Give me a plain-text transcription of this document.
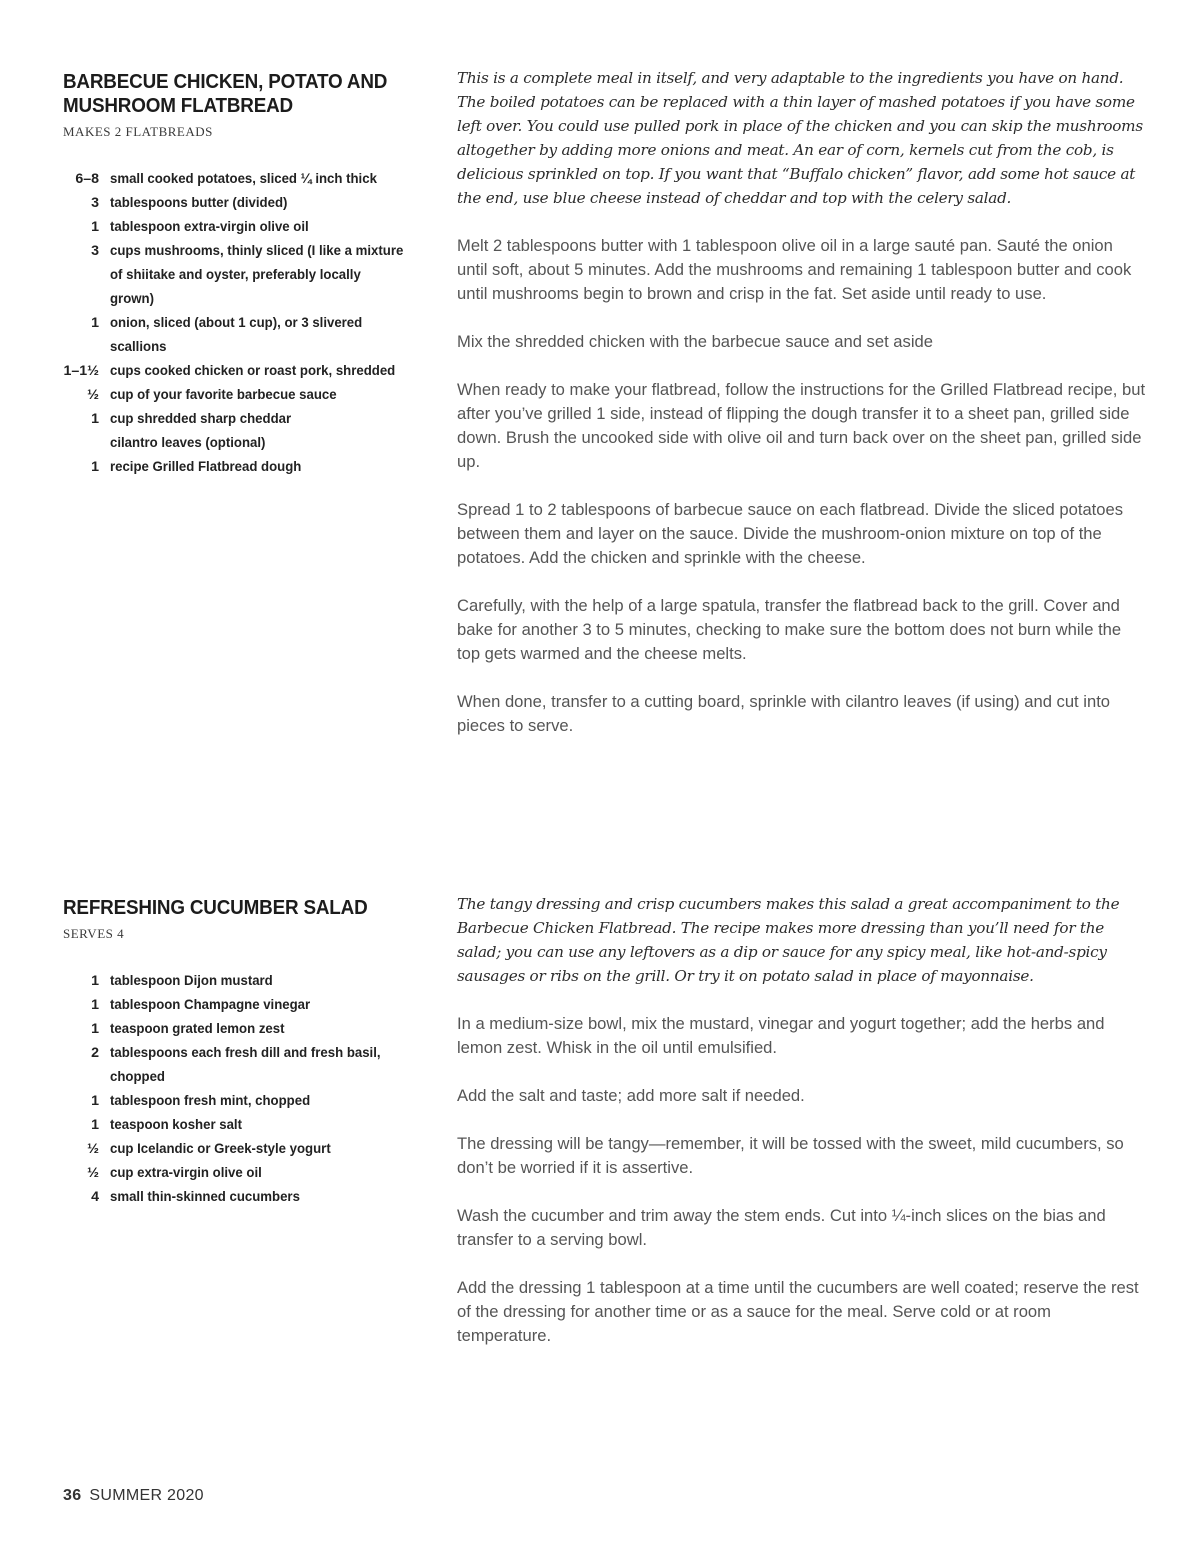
BARBECUE CHICKEN, POTATO AND
MUSHROOM FLATBREAD
MAKES 2 FLATBREADS
6–8 small cooked potatoes, sliced ¼ inch thick
3 tablespoons butter (divided)
1 tablespoon extra-virgin olive oil
3 cups mushrooms, thinly sliced (I like a mixture
of shiitake and oyster, preferably locally
grown)
1 onion, sliced (about 1 cup), or 3 slivered
scallions
1–1½ cups cooked chicken or roast pork, shredded
½ cup of your favorite barbecue sauce
1 cup shredded sharp cheddar
cilantro leaves (optional)
1 recipe Grilled Flatbread dough

This is a complete meal in itself, and very adaptable to the ingredients you have on hand. The boiled potatoes can be replaced with a thin layer of mashed potatoes if you have some left over. You could use pulled pork in place of the chicken and you can skip the mushrooms altogether by adding more onions and meat. An ear of corn, kernels cut from the cob, is delicious sprinkled on top. If you want that “Buffalo chicken” flavor, add some hot sauce at the end, use blue cheese instead of cheddar and top with the celery salad.

Melt 2 tablespoons butter with 1 tablespoon olive oil in a large sauté pan. Sauté the onion until soft, about 5 minutes. Add the mushrooms and remaining 1 tablespoon butter and cook until mushrooms begin to brown and crisp in the fat. Set aside until ready to use.

Mix the shredded chicken with the barbecue sauce and set aside

When ready to make your flatbread, follow the instructions for the Grilled Flatbread recipe, but after you’ve grilled 1 side, instead of flipping the dough transfer it to a sheet pan, grilled side down. Brush the uncooked side with olive oil and turn back over on the sheet pan, grilled side up.

Spread 1 to 2 tablespoons of barbecue sauce on each flatbread. Divide the sliced potatoes between them and layer on the sauce. Divide the mushroom-onion mixture on top of the potatoes. Add the chicken and sprinkle with the cheese.

Carefully, with the help of a large spatula, transfer the flatbread back to the grill. Cover and bake for another 3 to 5 minutes, checking to make sure the bottom does not burn while the top gets warmed and the cheese melts.

When done, transfer to a cutting board, sprinkle with cilantro leaves (if using) and cut into pieces to serve.

REFRESHING CUCUMBER SALAD
SERVES 4
1 tablespoon Dijon mustard
1 tablespoon Champagne vinegar
1 teaspoon grated lemon zest
2 tablespoons each fresh dill and fresh basil,
chopped
1 tablespoon fresh mint, chopped
1 teaspoon kosher salt
½ cup Icelandic or Greek-style yogurt
½ cup extra-virgin olive oil
4 small thin-skinned cucumbers

The tangy dressing and crisp cucumbers makes this salad a great accompaniment to the Barbecue Chicken Flatbread. The recipe makes more dressing than you’ll need for the salad; you can use any leftovers as a dip or sauce for any spicy meal, like hot-and-spicy sausages or ribs on the grill. Or try it on potato salad in place of mayonnaise.

In a medium-size bowl, mix the mustard, vinegar and yogurt together; add the herbs and lemon zest. Whisk in the oil until emulsified.

Add the salt and taste; add more salt if needed.

The dressing will be tangy—remember, it will be tossed with the sweet, mild cucumbers, so don’t be worried if it is assertive.

Wash the cucumber and trim away the stem ends. Cut into ¼-inch slices on the bias and transfer to a serving bowl.

Add the dressing 1 tablespoon at a time until the cucumbers are well coated; reserve the rest of the dressing for another time or as a sauce for the meal. Serve cold or at room temperature.

36 SUMMER 2020
